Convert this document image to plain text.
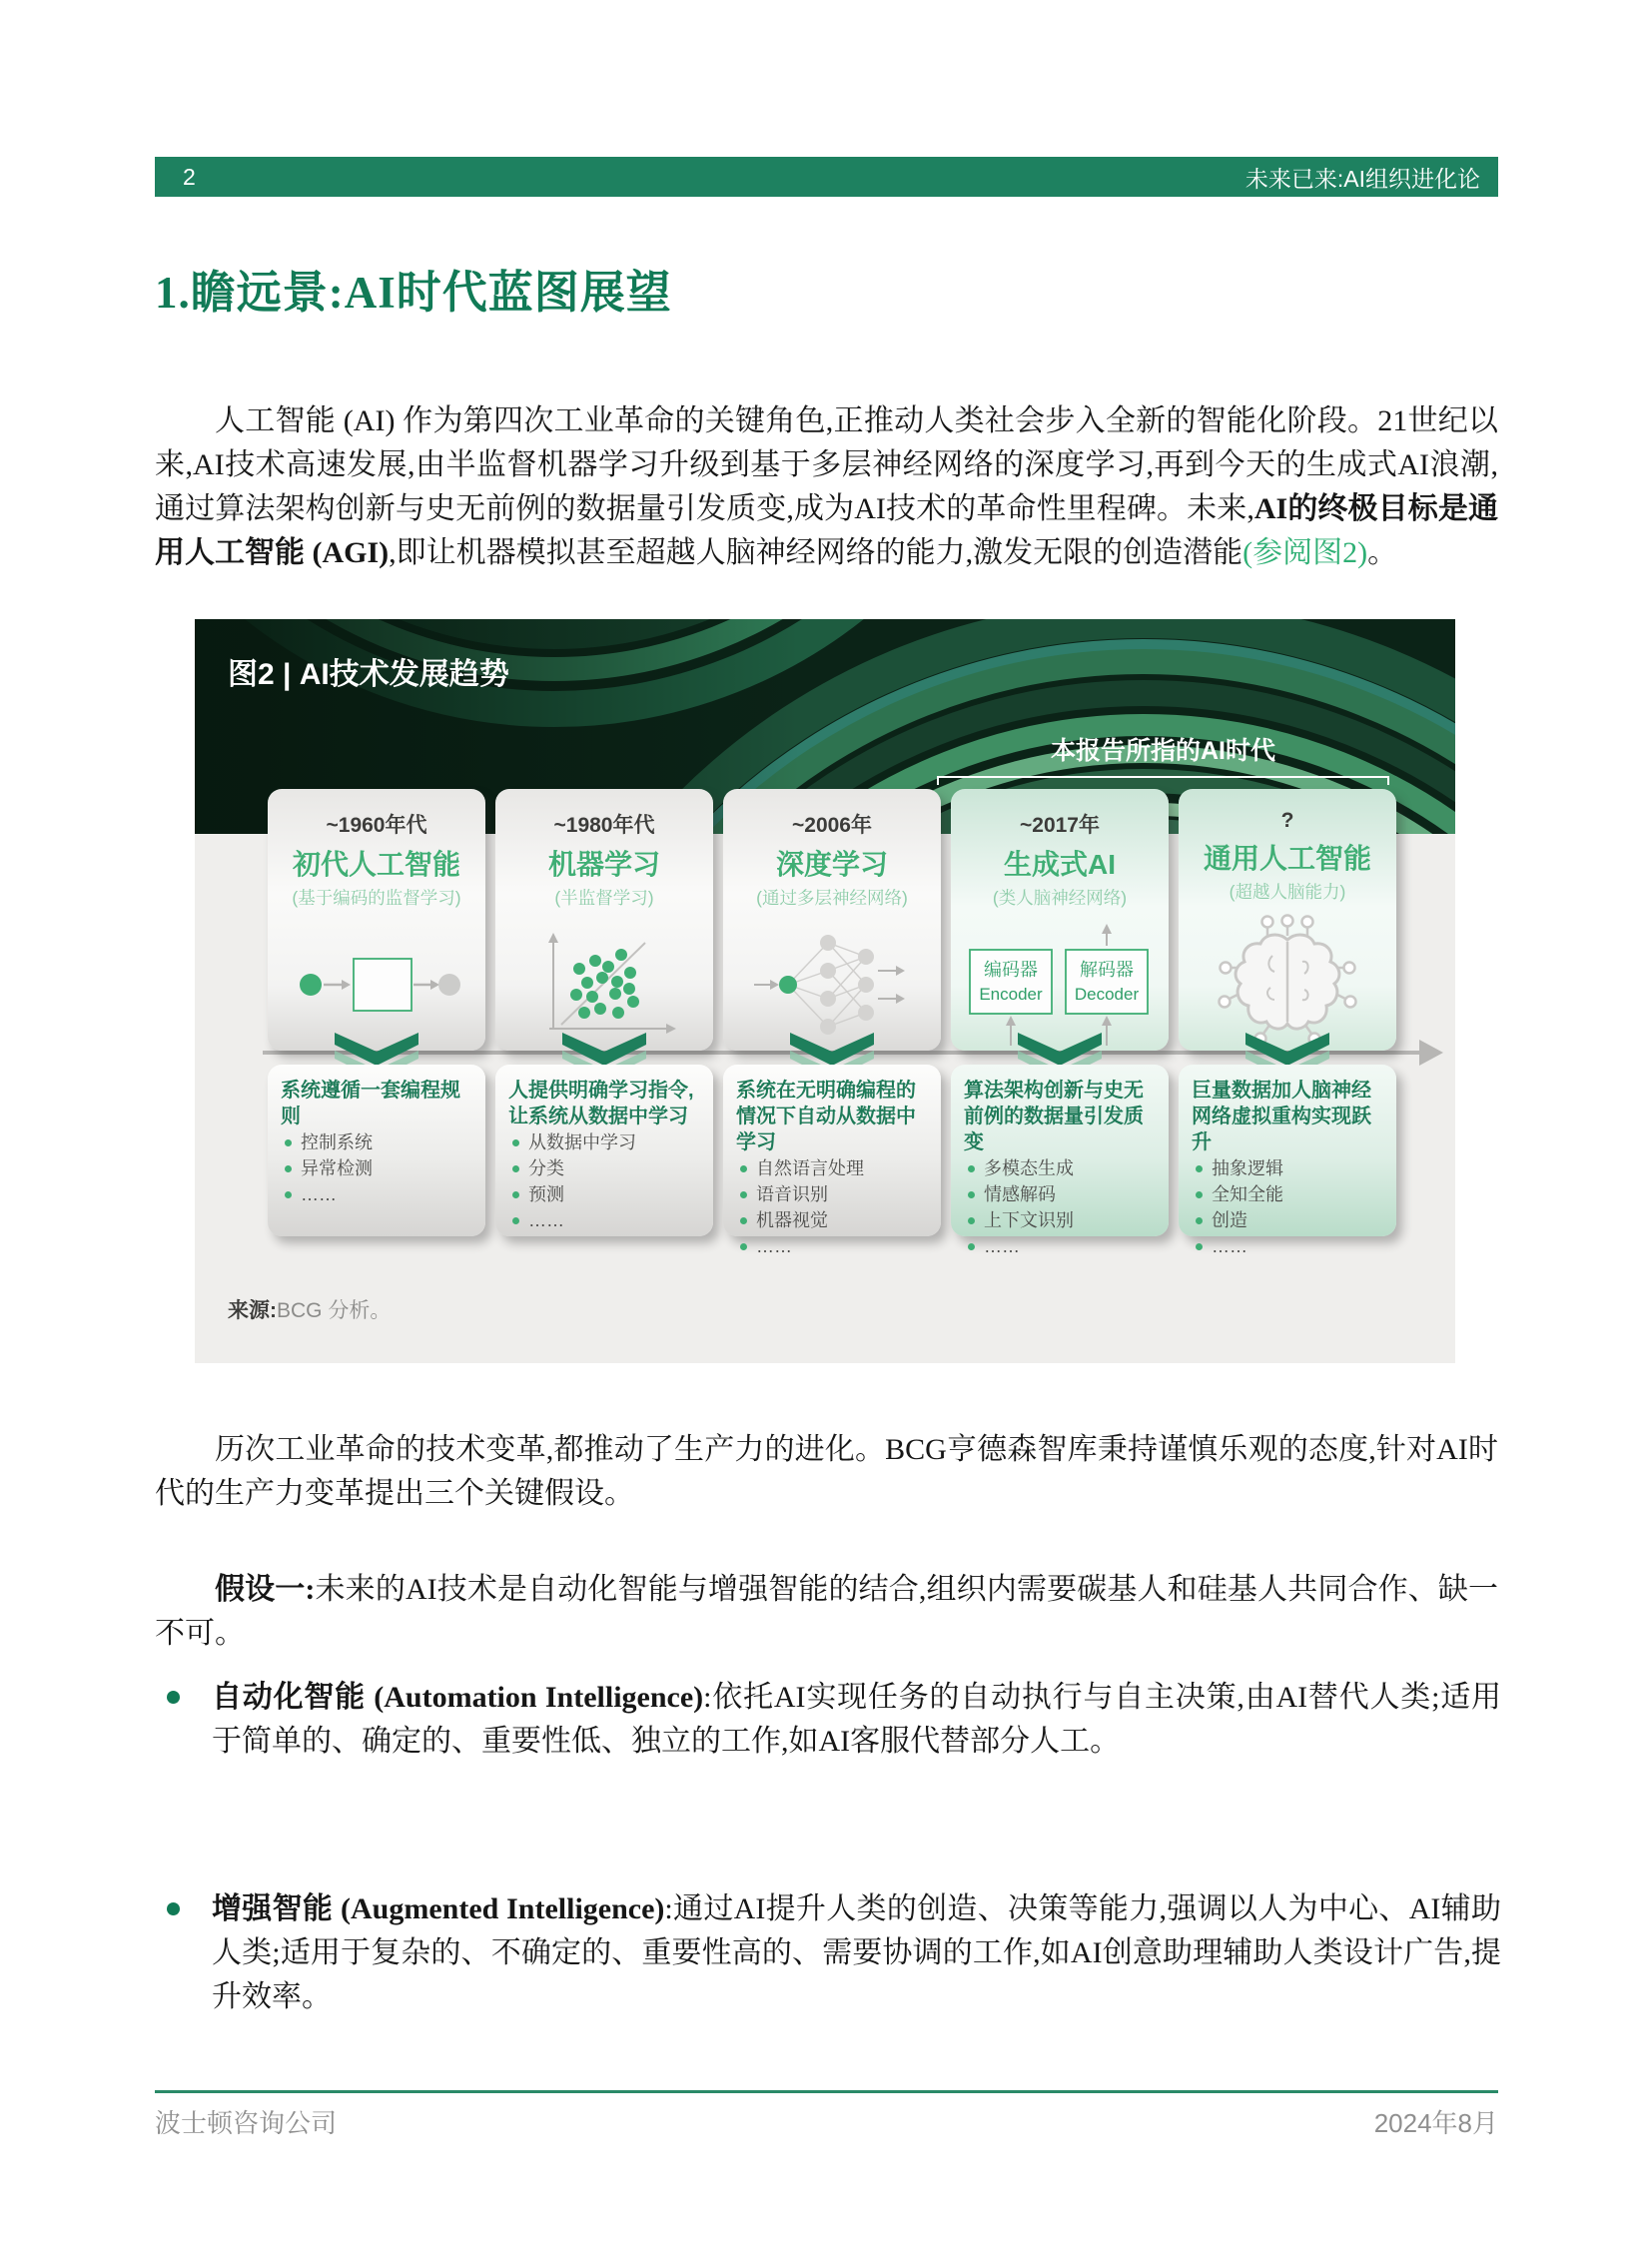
2	未来已来:AI组织进化论
1.瞻远景:AI时代蓝图展望

人工智能 (AI) 作为第四次工业革命的关键角色,正推动人类社会步入全新的智能化阶段。21世纪以来,AI技术高速发展,由半监督机器学习升级到基于多层神经网络的深度学习,再到今天的生成式AI浪潮,通过算法架构创新与史无前例的数据量引发质变,成为AI技术的革命性里程碑。未来,AI的终极目标是通用人工智能 (AGI),即让机器模拟甚至超越人脑神经网络的能力,激发无限的创造潜能(参阅图2)。

图2 | AI技术发展趋势
本报告所指的AI时代
~1960年代
初代人工智能
(基于编码的监督学习)
~1980年代
机器学习
(半监督学习)
~2006年
深度学习
(通过多层神经网络)
~2017年
生成式AI
(类人脑神经网络)
编码器
Encoder
解码器
Decoder
?
通用人工智能
(超越人脑能力)
系统遵循一套编程规则
控制系统
异常检测
……
人提供明确学习指令,让系统从数据中学习
从数据中学习
分类
预测
……
系统在无明确编程的情况下自动从数据中学习
自然语言处理
语音识别
机器视觉
……
算法架构创新与史无前例的数据量引发质变
多模态生成
情感解码
上下文识别
……
巨量数据加人脑神经网络虚拟重构实现跃升
抽象逻辑
全知全能
创造
……
来源:BCG 分析。

历次工业革命的技术变革,都推动了生产力的进化。BCG亨德森智库秉持谨慎乐观的态度,针对AI时代的生产力变革提出三个关键假设。

假设一:未来的AI技术是自动化智能与增强智能的结合,组织内需要碳基人和硅基人共同合作、缺一不可。

自动化智能 (Automation Intelligence):依托AI实现任务的自动执行与自主决策,由AI替代人类;适用于简单的、确定的、重要性低、独立的工作,如AI客服代替部分人工。
增强智能 (Augmented Intelligence):通过AI提升人类的创造、决策等能力,强调以人为中心、AI辅助人类;适用于复杂的、不确定的、重要性高的、需要协调的工作,如AI创意助理辅助人类设计广告,提升效率。
波士顿咨询公司	2024年8月
